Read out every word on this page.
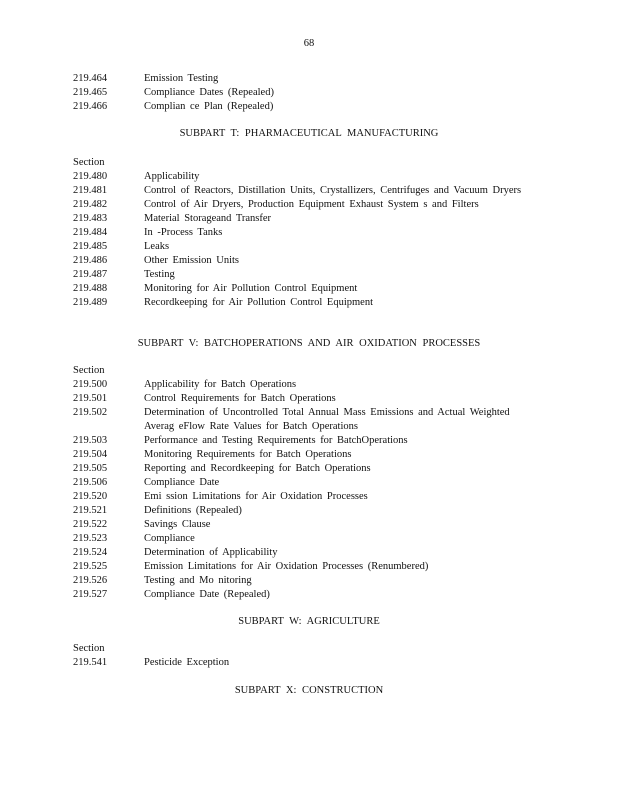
68
219.464	Emission Testing
219.465	Compliance Dates (Repealed)
219.466	Complian ce Plan (Repealed)
SUBPART T: PHARMACEUTICAL MANUFACTURING
Section
219.480	Applicability
219.481	Control of Reactors, Distillation Units, Crystallizers, Centrifuges and Vacuum Dryers
219.482	Control of Air Dryers, Production Equipment Exhaust System s and Filters
219.483	Material Storageand Transfer
219.484	In -Process Tanks
219.485	Leaks
219.486	Other Emission Units
219.487	Testing
219.488	Monitoring for Air Pollution Control Equipment
219.489	Recordkeeping for Air Pollution Control Equipment
SUBPART V: BATCHOPERATIONS AND AIR OXIDATION PROCESSES
Section
219.500	Applicability for Batch Operations
219.501	Control Requirements for Batch Operations
219.502	Determination of Uncontrolled Total Annual Mass Emissions and Actual Weighted Averag eFlow Rate Values for Batch Operations
219.503	Performance and Testing Requirements for BatchOperations
219.504	Monitoring Requirements for Batch Operations
219.505	Reporting and Recordkeeping for Batch Operations
219.506	Compliance Date
219.520	Emi ssion Limitations for Air Oxidation Processes
219.521	Definitions (Repealed)
219.522	Savings Clause
219.523	Compliance
219.524	Determination of Applicability
219.525	Emission Limitations for Air Oxidation Processes (Renumbered)
219.526	Testing and Mo nitoring
219.527	Compliance Date (Repealed)
SUBPART W: AGRICULTURE
Section
219.541	Pesticide Exception
SUBPART X: CONSTRUCTION
